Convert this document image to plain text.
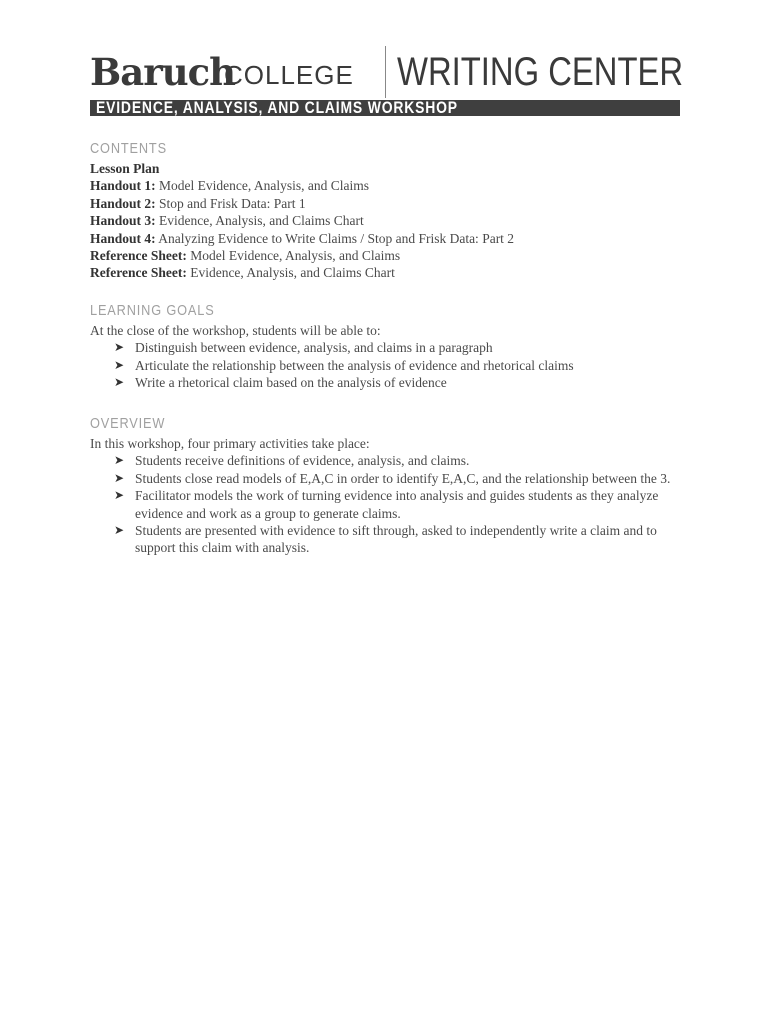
Baruch
COLLEGE WRITING CENTER
EVIDENCE, ANALYSIS, AND CLAIMS WORKSHOP
CONTENTS
Lesson Plan
Handout 1: Model Evidence, Analysis, and Claims
Handout 2: Stop and Frisk Data: Part 1
Handout 3: Evidence, Analysis, and Claims Chart
Handout 4: Analyzing Evidence to Write Claims / Stop and Frisk Data: Part 2
Reference Sheet: Model Evidence, Analysis, and Claims
Reference Sheet: Evidence, Analysis, and Claims Chart
LEARNING GOALS
At the close of the workshop, students will be able to:
➤ Distinguish between evidence, analysis, and claims in a paragraph
➤ Articulate the relationship between the analysis of evidence and rhetorical claims
➤ Write a rhetorical claim based on the analysis of evidence
OVERVIEW
In this workshop, four primary activities take place:
➤ Students receive definitions of evidence, analysis, and claims.
➤ Students close read models of E,A,C in order to identify E,A,C, and the relationship between the 3.
➤ Facilitator models the work of turning evidence into analysis and guides students as they analyze evidence and work as a group to generate claims.
➤ Students are presented with evidence to sift through, asked to independently write a claim and to support this claim with analysis.
